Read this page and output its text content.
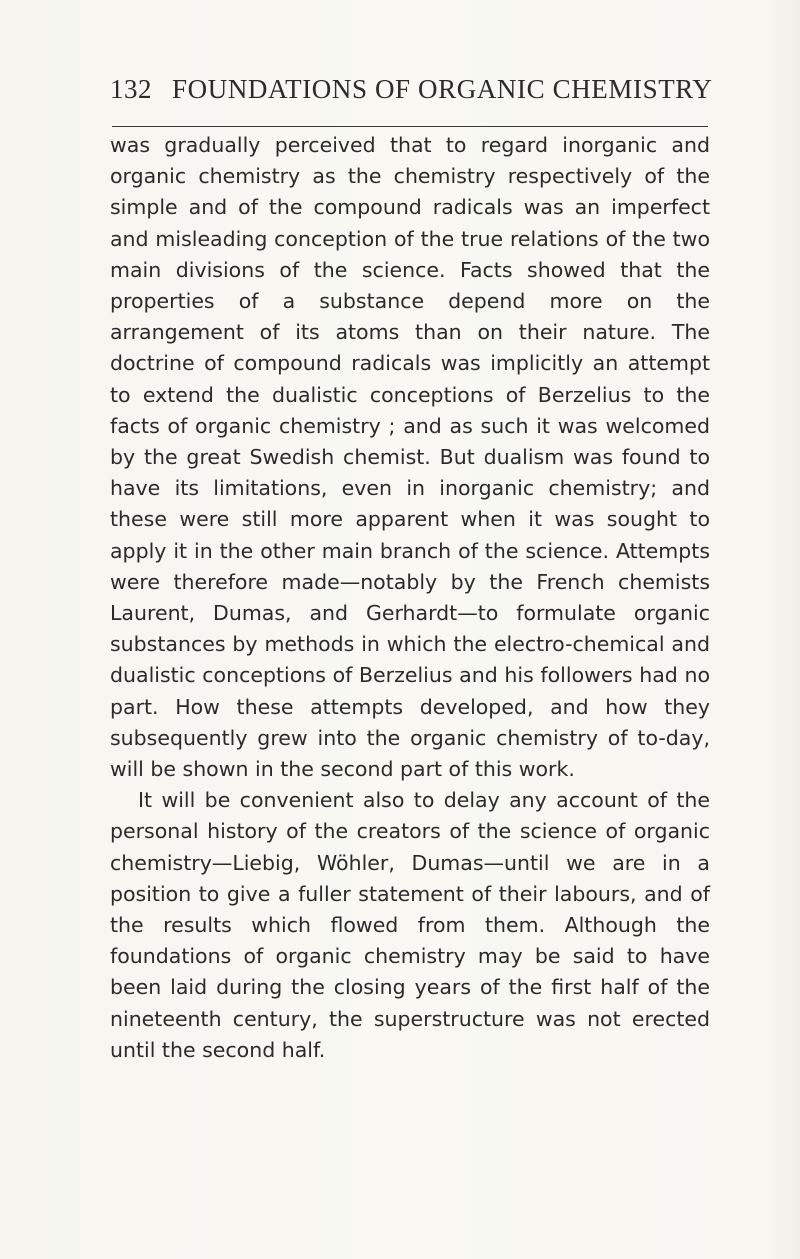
132 FOUNDATIONS OF ORGANIC CHEMISTRY

was gradually perceived that to regard inorganic and organic chemistry as the chemistry respectively of the simple and of the compound radicals was an imperfect and misleading conception of the true relations of the two main divisions of the science. Facts showed that the properties of a substance depend more on the arrangement of its atoms than on their nature. The doctrine of compound radicals was implicitly an attempt to extend the dualistic conceptions of Berzelius to the facts of organic chemistry ; and as such it was welcomed by the great Swedish chemist. But dualism was found to have its limitations, even in inorganic chemistry; and these were still more apparent when it was sought to apply it in the other main branch of the science. Attempts were therefore made—notably by the French chemists Laurent, Dumas, and Gerhardt—to formulate organic substances by methods in which the electro-chemical and dualistic conceptions of Berzelius and his followers had no part. How these attempts developed, and how they subsequently grew into the organic chemistry of to-day, will be shown in the second part of this work.

It will be convenient also to delay any account of the personal history of the creators of the science of organic chemistry—Liebig, Wöhler, Dumas—until we are in a position to give a fuller statement of their labours, and of the results which flowed from them. Although the foundations of organic chemistry may be said to have been laid during the closing years of the first half of the nineteenth century, the superstructure was not erected until the second half.
